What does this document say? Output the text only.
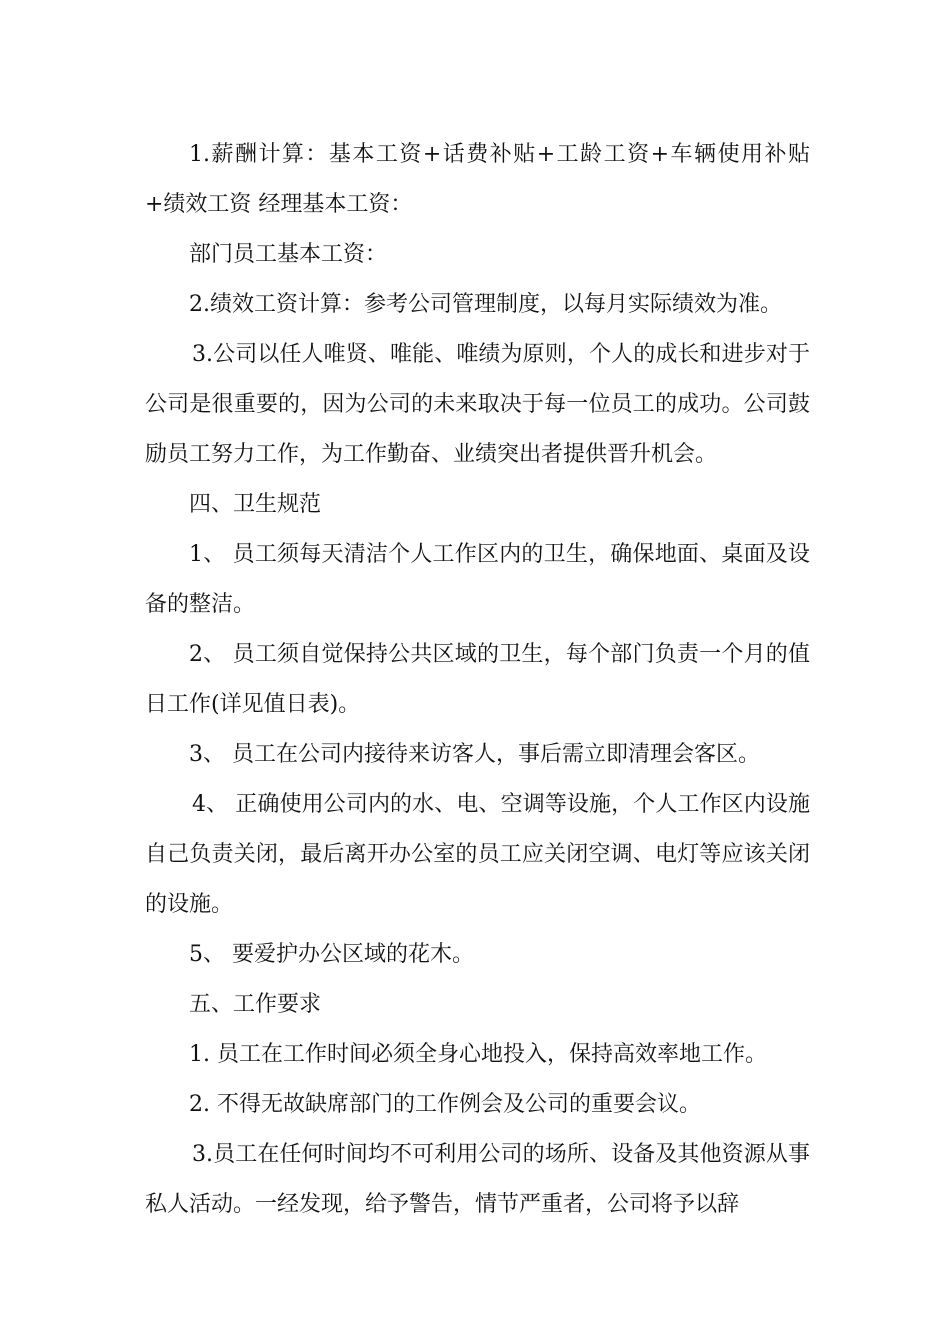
1.薪酬计算：基本工资+话费补贴+工龄工资+车辆使用补贴+绩效工资 经理基本工资：

部门员工基本工资：

2.绩效工资计算：参考公司管理制度，以每月实际绩效为准。

3.公司以任人唯贤、唯能、唯绩为原则，个人的成长和进步对于公司是很重要的，因为公司的未来取决于每一位员工的成功。公司鼓励员工努力工作，为工作勤奋、业绩突出者提供晋升机会。

四、卫生规范

1、 员工须每天清洁个人工作区内的卫生，确保地面、桌面及设备的整洁。

2、 员工须自觉保持公共区域的卫生，每个部门负责一个月的值日工作(详见值日表)。

3、 员工在公司内接待来访客人，事后需立即清理会客区。

4、 正确使用公司内的水、电、空调等设施，个人工作区内设施自己负责关闭，最后离开办公室的员工应关闭空调、电灯等应该关闭的设施。

5、 要爱护办公区域的花木。

五、工作要求

1. 员工在工作时间必须全身心地投入，保持高效率地工作。

2. 不得无故缺席部门的工作例会及公司的重要会议。

3.员工在任何时间均不可利用公司的场所、设备及其他资源从事私人活动。一经发现，给予警告，情节严重者，公司将予以辞
